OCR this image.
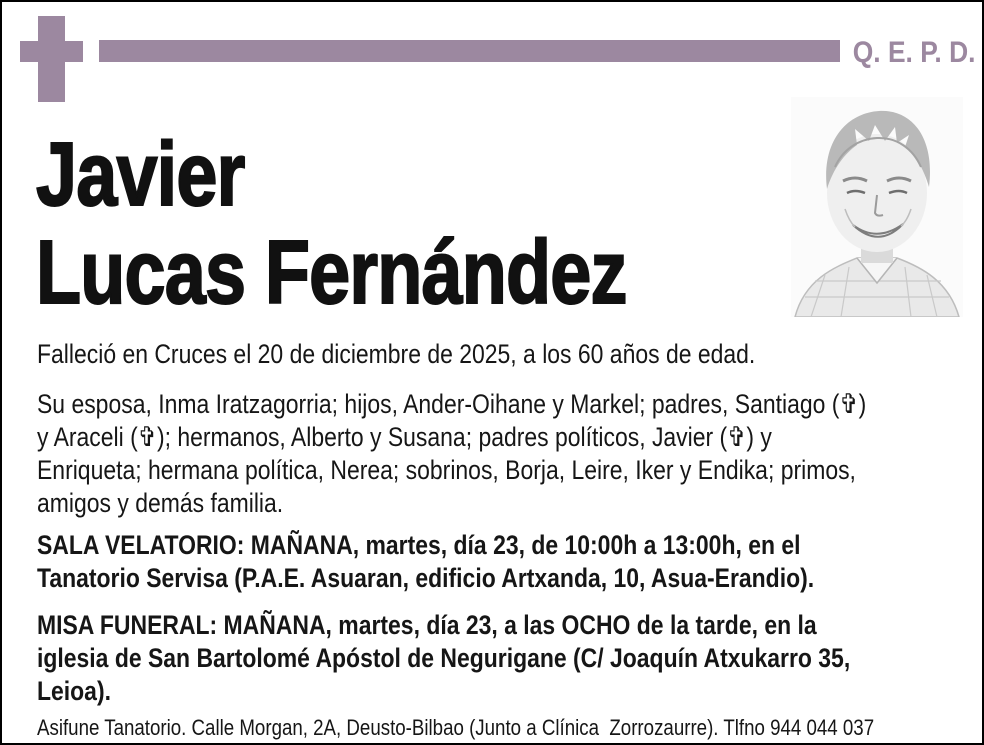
Q. E. P. D.
Javier
Lucas Fernández

Falleció en Cruces el 20 de diciembre de 2025, a los 60 años de edad.

Su esposa, Inma Iratzagorria; hijos, Ander-Oihane y Markel; padres, Santiago (✞)
y Araceli (✞); hermanos, Alberto y Susana; padres políticos, Javier (✞) y
Enriqueta; hermana política, Nerea; sobrinos, Borja, Leire, Iker y Endika; primos,
amigos y demás familia.
SALA VELATORIO: MAÑANA, martes, día 23, de 10:00h a 13:00h, en el
Tanatorio Servisa (P.A.E. Asuaran, edificio Artxanda, 10, Asua-Erandio).
MISA FUNERAL: MAÑANA, martes, día 23, a las OCHO de la tarde, en la
iglesia de San Bartolomé Apóstol de Negurigane (C/ Joaquín Atxukarro 35,
Leioa).
Asifune Tanatorio. Calle Morgan, 2A, Deusto-Bilbao (Junto a Clínica  Zorrozaurre). Tlfno 944 044 037
